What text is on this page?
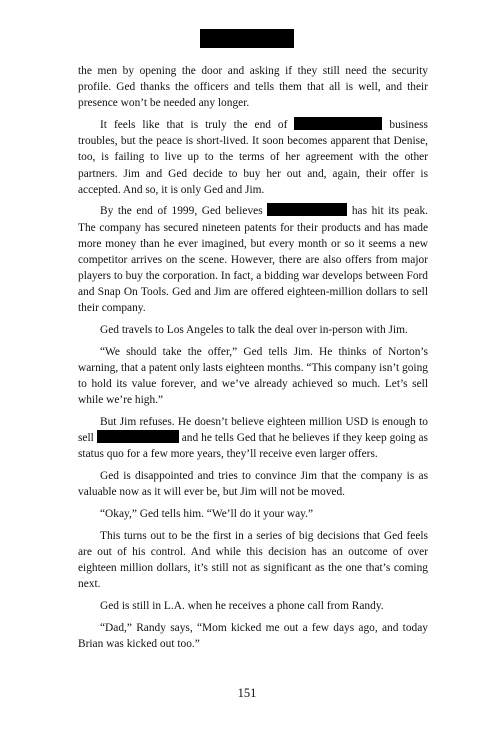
the men by opening the door and asking if they still need the security profile. Ged thanks the officers and tells them that all is well, and their presence won’t be needed any longer.

It feels like that is truly the end of	business troubles, but the peace is short-lived. It soon becomes apparent that Denise, too, is failing to live up to the terms of her agreement with the other partners. Jim and Ged decide to buy her out and, again, their offer is accepted. And so, it is only Ged and Jim.

By the end of 1999, Ged believes	has hit its peak. The company has secured nineteen patents for their products and has made more money than he ever imagined, but every month or so it seems a new competitor arrives on the scene. However, there are also offers from major players to buy the corporation. In fact, a bidding war develops between Ford and Snap On Tools. Ged and Jim are offered eighteen-million dollars to sell their company.

Ged travels to Los Angeles to talk the deal over in-person with Jim.

“We should take the offer,” Ged tells Jim. He thinks of Norton’s warning, that a patent only lasts eighteen months. “This company isn’t going to hold its value forever, and we’ve already achieved so much. Let’s sell while we’re high.”

But Jim refuses. He doesn’t believe eighteen million USD is enough to sell	and he tells Ged that he believes if they keep going as status quo for a few more years, they’ll receive even larger offers.

Ged is disappointed and tries to convince Jim that the company is as valuable now as it will ever be, but Jim will not be moved.

“Okay,” Ged tells him. “We’ll do it your way.”

This turns out to be the first in a series of big decisions that Ged feels are out of his control. And while this decision has an outcome of over eighteen million dollars, it’s still not as significant as the one that’s coming next.

Ged is still in L.A. when he receives a phone call from Randy.

“Dad,” Randy says, “Mom kicked me out a few days ago, and today Brian was kicked out too.”

151
